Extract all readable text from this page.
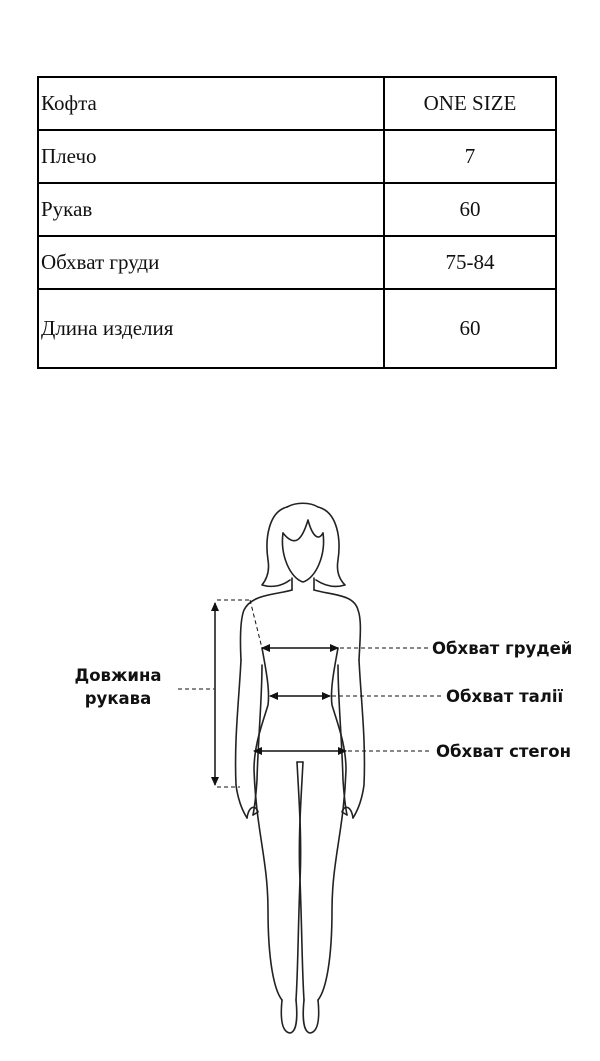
Кофта	ONE SIZE
Плечо	7
Рукав	60
Обхват груди	75-84
Длина изделия	60
Довжина
рукава
Обхват грудей
Обхват талії
Обхват стегон
